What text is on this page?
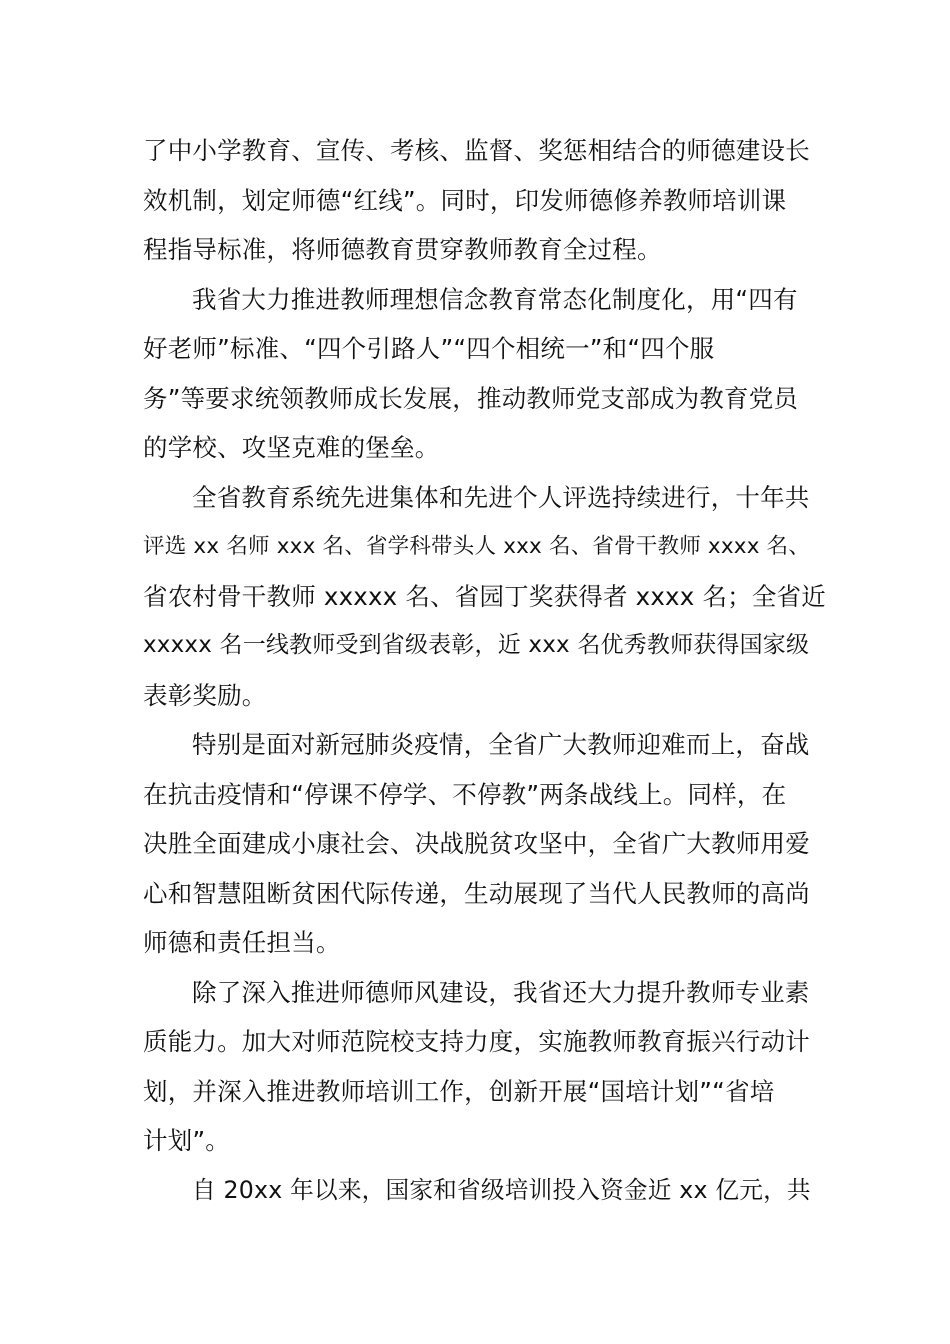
了中小学教育、宣传、考核、监督、奖惩相结合的师德建设长
效机制，划定师德“红线”。同时，印发师德修养教师培训课
程指导标准，将师德教育贯穿教师教育全过程。
我省大力推进教师理想信念教育常态化制度化，用“四有
好老师”标准、“四个引路人”“四个相统一”和“四个服
务”等要求统领教师成长发展，推动教师党支部成为教育党员
的学校、攻坚克难的堡垒。
全省教育系统先进集体和先进个人评选持续进行，十年共
评选 xx 名师 xxx 名、省学科带头人 xxx 名、省骨干教师 xxxx 名、
省农村骨干教师 xxxxx 名、省园丁奖获得者 xxxx 名；全省近
xxxxx 名一线教师受到省级表彰，近 xxx 名优秀教师获得国家级
表彰奖励。
特别是面对新冠肺炎疫情，全省广大教师迎难而上，奋战
在抗击疫情和“停课不停学、不停教”两条战线上。同样，在
决胜全面建成小康社会、决战脱贫攻坚中，全省广大教师用爱
心和智慧阻断贫困代际传递，生动展现了当代人民教师的高尚
师德和责任担当。
除了深入推进师德师风建设，我省还大力提升教师专业素
质能力。加大对师范院校支持力度，实施教师教育振兴行动计
划，并深入推进教师培训工作，创新开展“国培计划”“省培
计划”。
自 20xx 年以来，国家和省级培训投入资金近 xx 亿元，共
